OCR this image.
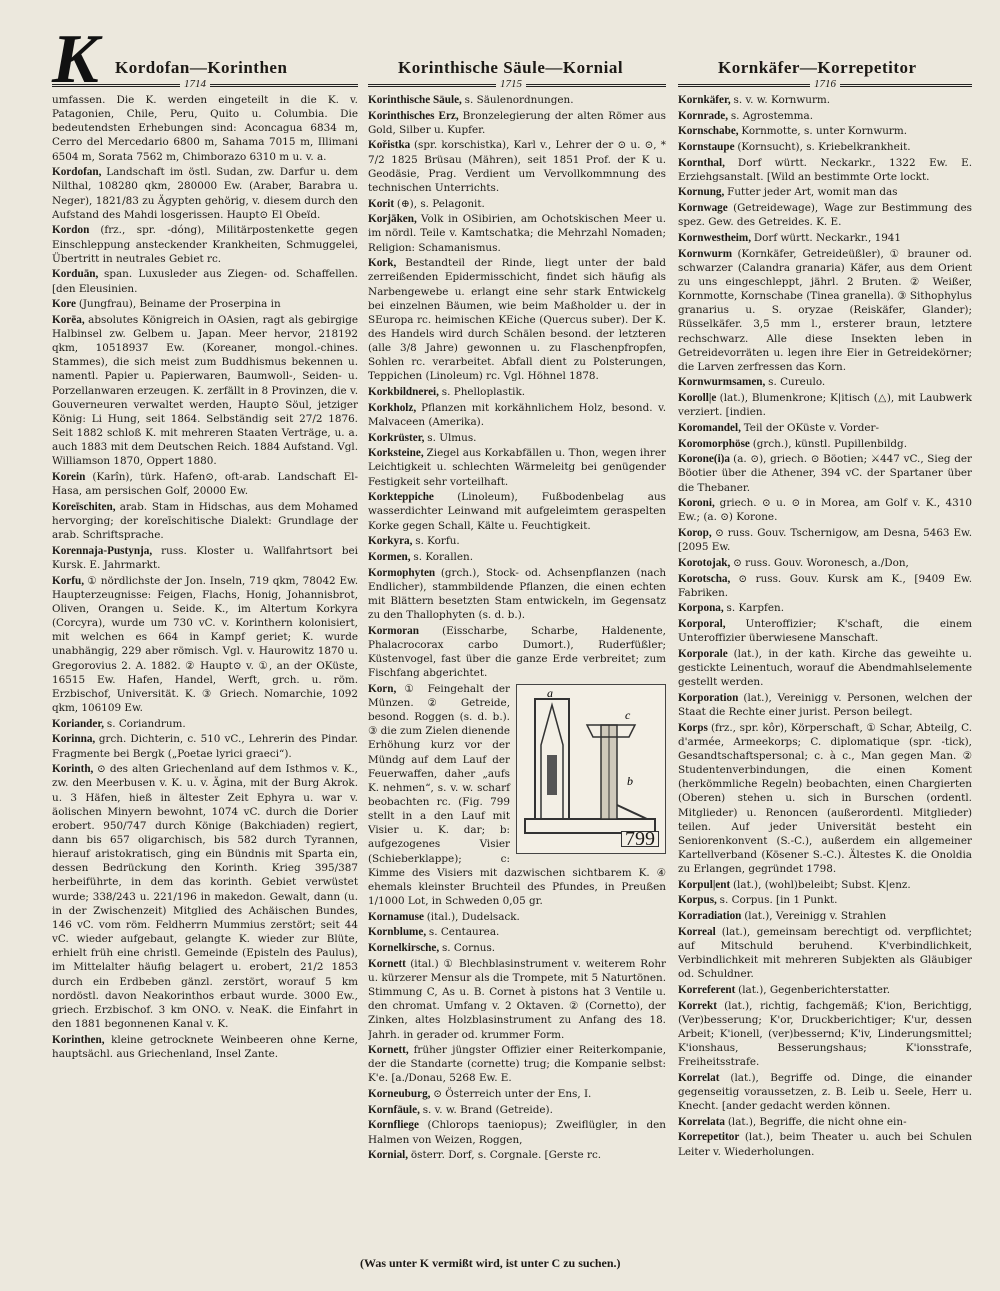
K Kordofan—Korinthen	Korinthische Säule—Kornial	Kornkäfer—Korrepetitor
1714	1715	1716
umfassen. Die K. werden eingeteilt in die K. v. Patagonien, Chile, Peru, Quito u. Columbia. Die bedeutendsten Erhebungen sind: Aconcagua 6834 m, Cerro del Mercedario 6800 m, Sahama 7015 m, Illimani 6504 m, Sorata 7562 m, Chimborazo 6310 m u. v. a.
Kordofan, Landschaft im östl. Sudan, zw. Darfur u. dem Nilthal, 108280 qkm, 280000 Ew. (Araber, Barabra u. Neger), 1821/83 zu Ägypten gehörig, v. diesem durch den Aufstand des Mahdi losgerissen. Haupt⊙ El Obeïd.
Kordon (frz., spr. -dóng), Militärpostenkette gegen Einschleppung ansteckender Krankheiten, Schmuggelei, Übertritt in neutrales Gebiet rc.
Korduān, span. Luxusleder aus Ziegen- od. Schaffellen. [den Eleusinien.
Kore (Jungfrau), Beiname der Proserpina in
Korēa, absolutes Königreich in OAsien, ragt als gebirgige Halbinsel zw. Gelbem u. Japan. Meer hervor, 218192 qkm, 10518937 Ew. (Koreaner, mongol.-chines. Stammes), die sich meist zum Buddhismus bekennen u. namentl. Papier u. Papierwaren, Baumwoll-, Seiden- u. Porzellanwaren erzeugen. K. zerfällt in 8 Provinzen, die v. Gouverneuren verwaltet werden, Haupt⊙ Söul, jetziger König: Li Hung, seit 1864. Selbständig seit 27/2 1876. Seit 1882 schloß K. mit mehreren Staaten Verträge, u. a. auch 1883 mit dem Deutschen Reich. 1884 Aufstand. Vgl. Williamson 1870, Oppert 1880.
Korein (Karîn), türk. Hafen⊙, oft-arab. Landschaft El-Hasa, am persischen Golf, 20000 Ew.
Koreīschiten, arab. Stam in Hidschas, aus dem Mohamed hervorging; der koreīschitische Dialekt: Grundlage der arab. Schriftsprache.
Korennaja-Pustynja, russ. Kloster u. Wallfahrtsort bei Kursk. E. Jahrmarkt.
Korfu, ① nördlichste der Jon. Inseln, 719 qkm, 78042 Ew. Haupterzeugnisse: Feigen, Flachs, Honig, Johannisbrot, Oliven, Orangen u. Seide. K., im Altertum Korkyra (Corcyra), wurde um 730 vC. v. Korinthern kolonisiert, mit welchen es 664 in Kampf geriet; K. wurde unabhängig, 229 aber römisch. Vgl. v. Haurowitz 1870 u. Gregorovius 2. A. 1882. ② Haupt⊙ v. ①, an der OKüste, 16515 Ew. Hafen, Handel, Werft, grch. u. röm. Erzbischof, Universität. K. ③ Griech. Nomarchie, 1092 qkm, 106109 Ew.
Koriander, s. Coriandrum.
Korinna, grch. Dichterin, c. 510 vC., Lehrerin des Pindar. Fragmente bei Bergk („Poetae lyrici graeci“).
Korinth, ⊙ des alten Griechenland auf dem Isthmos v. K., zw. den Meerbusen v. K. u. v. Ägina, mit der Burg Akrok. u. 3 Häfen, hieß in ältester Zeit Ephyra u. war v. äolischen Minyern bewohnt, 1074 vC. durch die Dorier erobert. 950/747 durch Könige (Bakchiaden) regiert, dann bis 657 oligarchisch, bis 582 durch Tyrannen, hierauf aristokratisch, ging ein Bündnis mit Sparta ein, dessen Bedrückung den Korinth. Krieg 395/387 herbeiführte, in dem das korinth. Gebiet verwüstet wurde; 338/243 u. 221/196 in makedon. Gewalt, dann (u. in der Zwischenzeit) Mitglied des Achäischen Bundes, 146 vC. vom röm. Feldherrn Mummius zerstört; seit 44 vC. wieder aufgebaut, gelangte K. wieder zur Blüte, erhielt früh eine christl. Gemeinde (Episteln des Paulus), im Mittelalter häufig belagert u. erobert, 21/2 1853 durch ein Erdbeben gänzl. zerstört, worauf 5 km nordöstl. davon Neakorinthos erbaut wurde. 3000 Ew., griech. Erzbischof. 3 km ONO. v. NeaK. die Einfahrt in den 1881 begonnenen Kanal v. K.
Korinthen, kleine getrocknete Weinbeeren ohne Kerne, hauptsächl. aus Griechenland, Insel Zante.
Korinthische Säule, s. Säulenordnungen.
Korinthisches Erz, Bronzelegierung der alten Römer aus Gold, Silber u. Kupfer.
Kořistka (spr. korschistka), Karl v., Lehrer der ⊙ u. ⊙, * 7/2 1825 Brüsau (Mähren), seit 1851 Prof. der K u. Geodäsie, Prag. Verdient um Vervollkommnung des technischen Unterrichts.
Korit (⊕), s. Pelagonit.
Korjāken, Volk in OSibirien, am Ochotskischen Meer u. im nördl. Teile v. Kamtschatka; die Mehrzahl Nomaden; Religion: Schamanismus.
Kork, Bestandteil der Rinde, liegt unter der bald zerreißenden Epidermisschicht, findet sich häufig als Narbengewebe u. erlangt eine sehr stark Entwickelg bei einzelnen Bäumen, wie beim Maßholder u. der in SEuropa rc. heimischen KEiche (Quercus suber). Der K. des Handels wird durch Schälen besond. der letzteren (alle 3/8 Jahre) gewonnen u. zu Flaschenpfropfen, Sohlen rc. verarbeitet. Abfall dient zu Polsterungen, Teppichen (Linoleum) rc. Vgl. Höhnel 1878.
Korkbildnerei, s. Phelloplastik.
Korkholz, Pflanzen mit korkähnlichem Holz, besond. v. Malvaceen (Amerika).
Korkrüster, s. Ulmus.
Korksteine, Ziegel aus Korkabfällen u. Thon, wegen ihrer Leichtigkeit u. schlechten Wärmeleitg bei genügender Festigkeit sehr vorteilhaft.
Korkteppiche (Linoleum), Fußbodenbelag aus wasserdichter Leinwand mit aufgeleimtem geraspelten Korke gegen Schall, Kälte u. Feuchtigkeit.
Korkyra, s. Korfu.
Kormen, s. Korallen.
Kormophyten (grch.), Stock- od. Achsenpflanzen (nach Endlicher), stammbildende Pflanzen, die einen echten mit Blättern besetzten Stam entwickeln, im Gegensatz zu den Thallophyten (s. d. b.).
Kormoran (Eisscharbe, Scharbe, Haldenente, Phalacrocorax carbo Dumort.), Ruderfüßler; Küstenvogel, fast über die ganze Erde verbreitet; zum Fischfang abgerichtet.
a
c
b
799
Korn, ① Feingehalt der Münzen. ② Getreide, besond. Roggen (s. d. b.). ③ die zum Zielen dienende Erhöhung kurz vor der Mündg auf dem Lauf der Feuerwaffen, daher „aufs K. nehmen“, s. v. w. scharf beobachten rc. (Fig. 799 stellt in a den Lauf mit Visier u. K. dar; b: aufgezogenes Visier (Schieberklappe); c: Kimme des Visiers mit dazwischen sichtbarem K. ④ ehemals kleinster Bruchteil des Pfundes, in Preußen 1/1000 Lot, in Schweden 0,05 gr.
Kornamuse (ital.), Dudelsack.
Kornblume, s. Centaurea.
Kornelkirsche, s. Cornus.
Kornett (ital.) ① Blechblasinstrument v. weiterem Rohr u. kürzerer Mensur als die Trompete, mit 5 Naturtönen. Stimmung C, As u. B. Cornet à pistons hat 3 Ventile u. den chromat. Umfang v. 2 Oktaven. ② (Cornetto), der Zinken, altes Holzblasinstrument zu Anfang des 18. Jahrh. in gerader od. krummer Form.
Kornett, früher jüngster Offizier einer Reiterkompanie, der die Standarte (cornette) trug; die Kompanie selbst: K'e. [a./Donau, 5268 Ew. E.
Korneuburg, ⊙ Österreich unter der Ens, I.
Kornfäule, s. v. w. Brand (Getreide).
Kornfliege (Chlorops taeniopus); Zweiflügler, in den Halmen von Weizen, Roggen,
Kornial, österr. Dorf, s. Corgnale. [Gerste rc.
Kornkäfer, s. v. w. Kornwurm.
Kornrade, s. Agrostemma.
Kornschabe, Kornmotte, s. unter Kornwurm.
Kornstaupe (Kornsucht), s. Kriebelkrankheit.
Kornthal, Dorf württ. Neckarkr., 1322 Ew. E. Erziehgsanstalt. [Wild an bestimmte Orte lockt.
Kornung, Futter jeder Art, womit man das
Kornwage (Getreidewage), Wage zur Bestimmung des spez. Gew. des Getreides. K. E.
Kornwestheim, Dorf württ. Neckarkr., 1941
Kornwurm (Kornkäfer, Getreideüßler), ① brauner od. schwarzer (Calandra granaria) Käfer, aus dem Orient zu uns eingeschleppt, jährl. 2 Bruten. ② Weißer, Kornmotte, Kornschabe (Tinea granella). ③ Sithophylus granarius u. S. oryzae (Reiskäfer, Glander); Rüsselkäfer. 3,5 mm l., ersterer braun, letztere rechschwarz. Alle diese Insekten leben in Getreidevorräten u. legen ihre Eier in Getreidekörner; die Larven zerfressen das Korn.
Kornwurmsamen, s. Cureulo.
Koroll|e (lat.), Blumenkrone; K|itisch (△), mit Laubwerk verziert. [indien.
Koromandel, Teil der OKüste v. Vorder-
Koromorphöse (grch.), künstl. Pupillenbildg.
Korone(i)a (a. ⊙), griech. ⊙ Böotien; ⚔447 vC., Sieg der Böotier über die Athener, 394 vC. der Spartaner über die Thebaner.
Koroni, griech. ⊙ u. ⊙ in Morea, am Golf v. K., 4310 Ew.; (a. ⊙) Korone.
Korop, ⊙ russ. Gouv. Tschernigow, am Desna, 5463 Ew. [2095 Ew.
Korotojak, ⊙ russ. Gouv. Woronesch, a./Don,
Korotscha, ⊙ russ. Gouv. Kursk am K., [9409 Ew. Fabriken.
Korpona, s. Karpfen.
Korporal, Unteroffizier; K'schaft, die einem Unteroffizier überwiesene Manschaft.
Korporale (lat.), in der kath. Kirche das geweihte u. gestickte Leinentuch, worauf die Abendmahlselemente gestellt werden.
Korporation (lat.), Vereinigg v. Personen, welchen der Staat die Rechte einer jurist. Person beilegt.
Korps (frz., spr. kôr), Körperschaft, ① Schar, Abteilg, C. d'armée, Armeekorps; C. diplomatique (spr. -tick), Gesandtschaftspersonal; c. à c., Man gegen Man. ② Studentenverbindungen, die einen Koment (herkömmliche Regeln) beobachten, einen Chargierten (Oberen) stehen u. sich in Burschen (ordentl. Mitglieder) u. Renoncen (außerordentl. Mitglieder) teilen. Auf jeder Universität besteht ein Seniorenkonvent (S.-C.), außerdem ein allgemeiner Kartellverband (Kösener S.-C.). Ältestes K. die Onoldia zu Erlangen, gegründet 1798.
Korpul|ent (lat.), (wohl)beleibt; Subst. K|enz.
Korpus, s. Corpus. [in 1 Punkt.
Korradiation (lat.), Vereinigg v. Strahlen
Korreal (lat.), gemeinsam berechtigt od. verpflichtet; auf Mitschuld beruhend. K'verbindlichkeit, Verbindlichkeit mit mehreren Subjekten als Gläubiger od. Schuldner.
Korreferent (lat.), Gegenberichterstatter.
Korrekt (lat.), richtig, fachgemäß; K'ion, Berichtigg, (Ver)besserung; K'or, Druckberichtiger; K'ur, dessen Arbeit; K'ionell, (ver)bessernd; K'iv, Linderungsmittel; K'ionshaus, Besserungshaus; K'ionsstrafe, Freiheitsstrafe.
Korrelat (lat.), Begriffe od. Dinge, die einander gegenseitig voraussetzen, z. B. Leib u. Seele, Herr u. Knecht. [ander gedacht werden können.
Korrelata (lat.), Begriffe, die nicht ohne ein-
Korrepetitor (lat.), beim Theater u. auch bei Schulen Leiter v. Wiederholungen.
(Was unter K vermißt wird, ist unter C zu suchen.)
